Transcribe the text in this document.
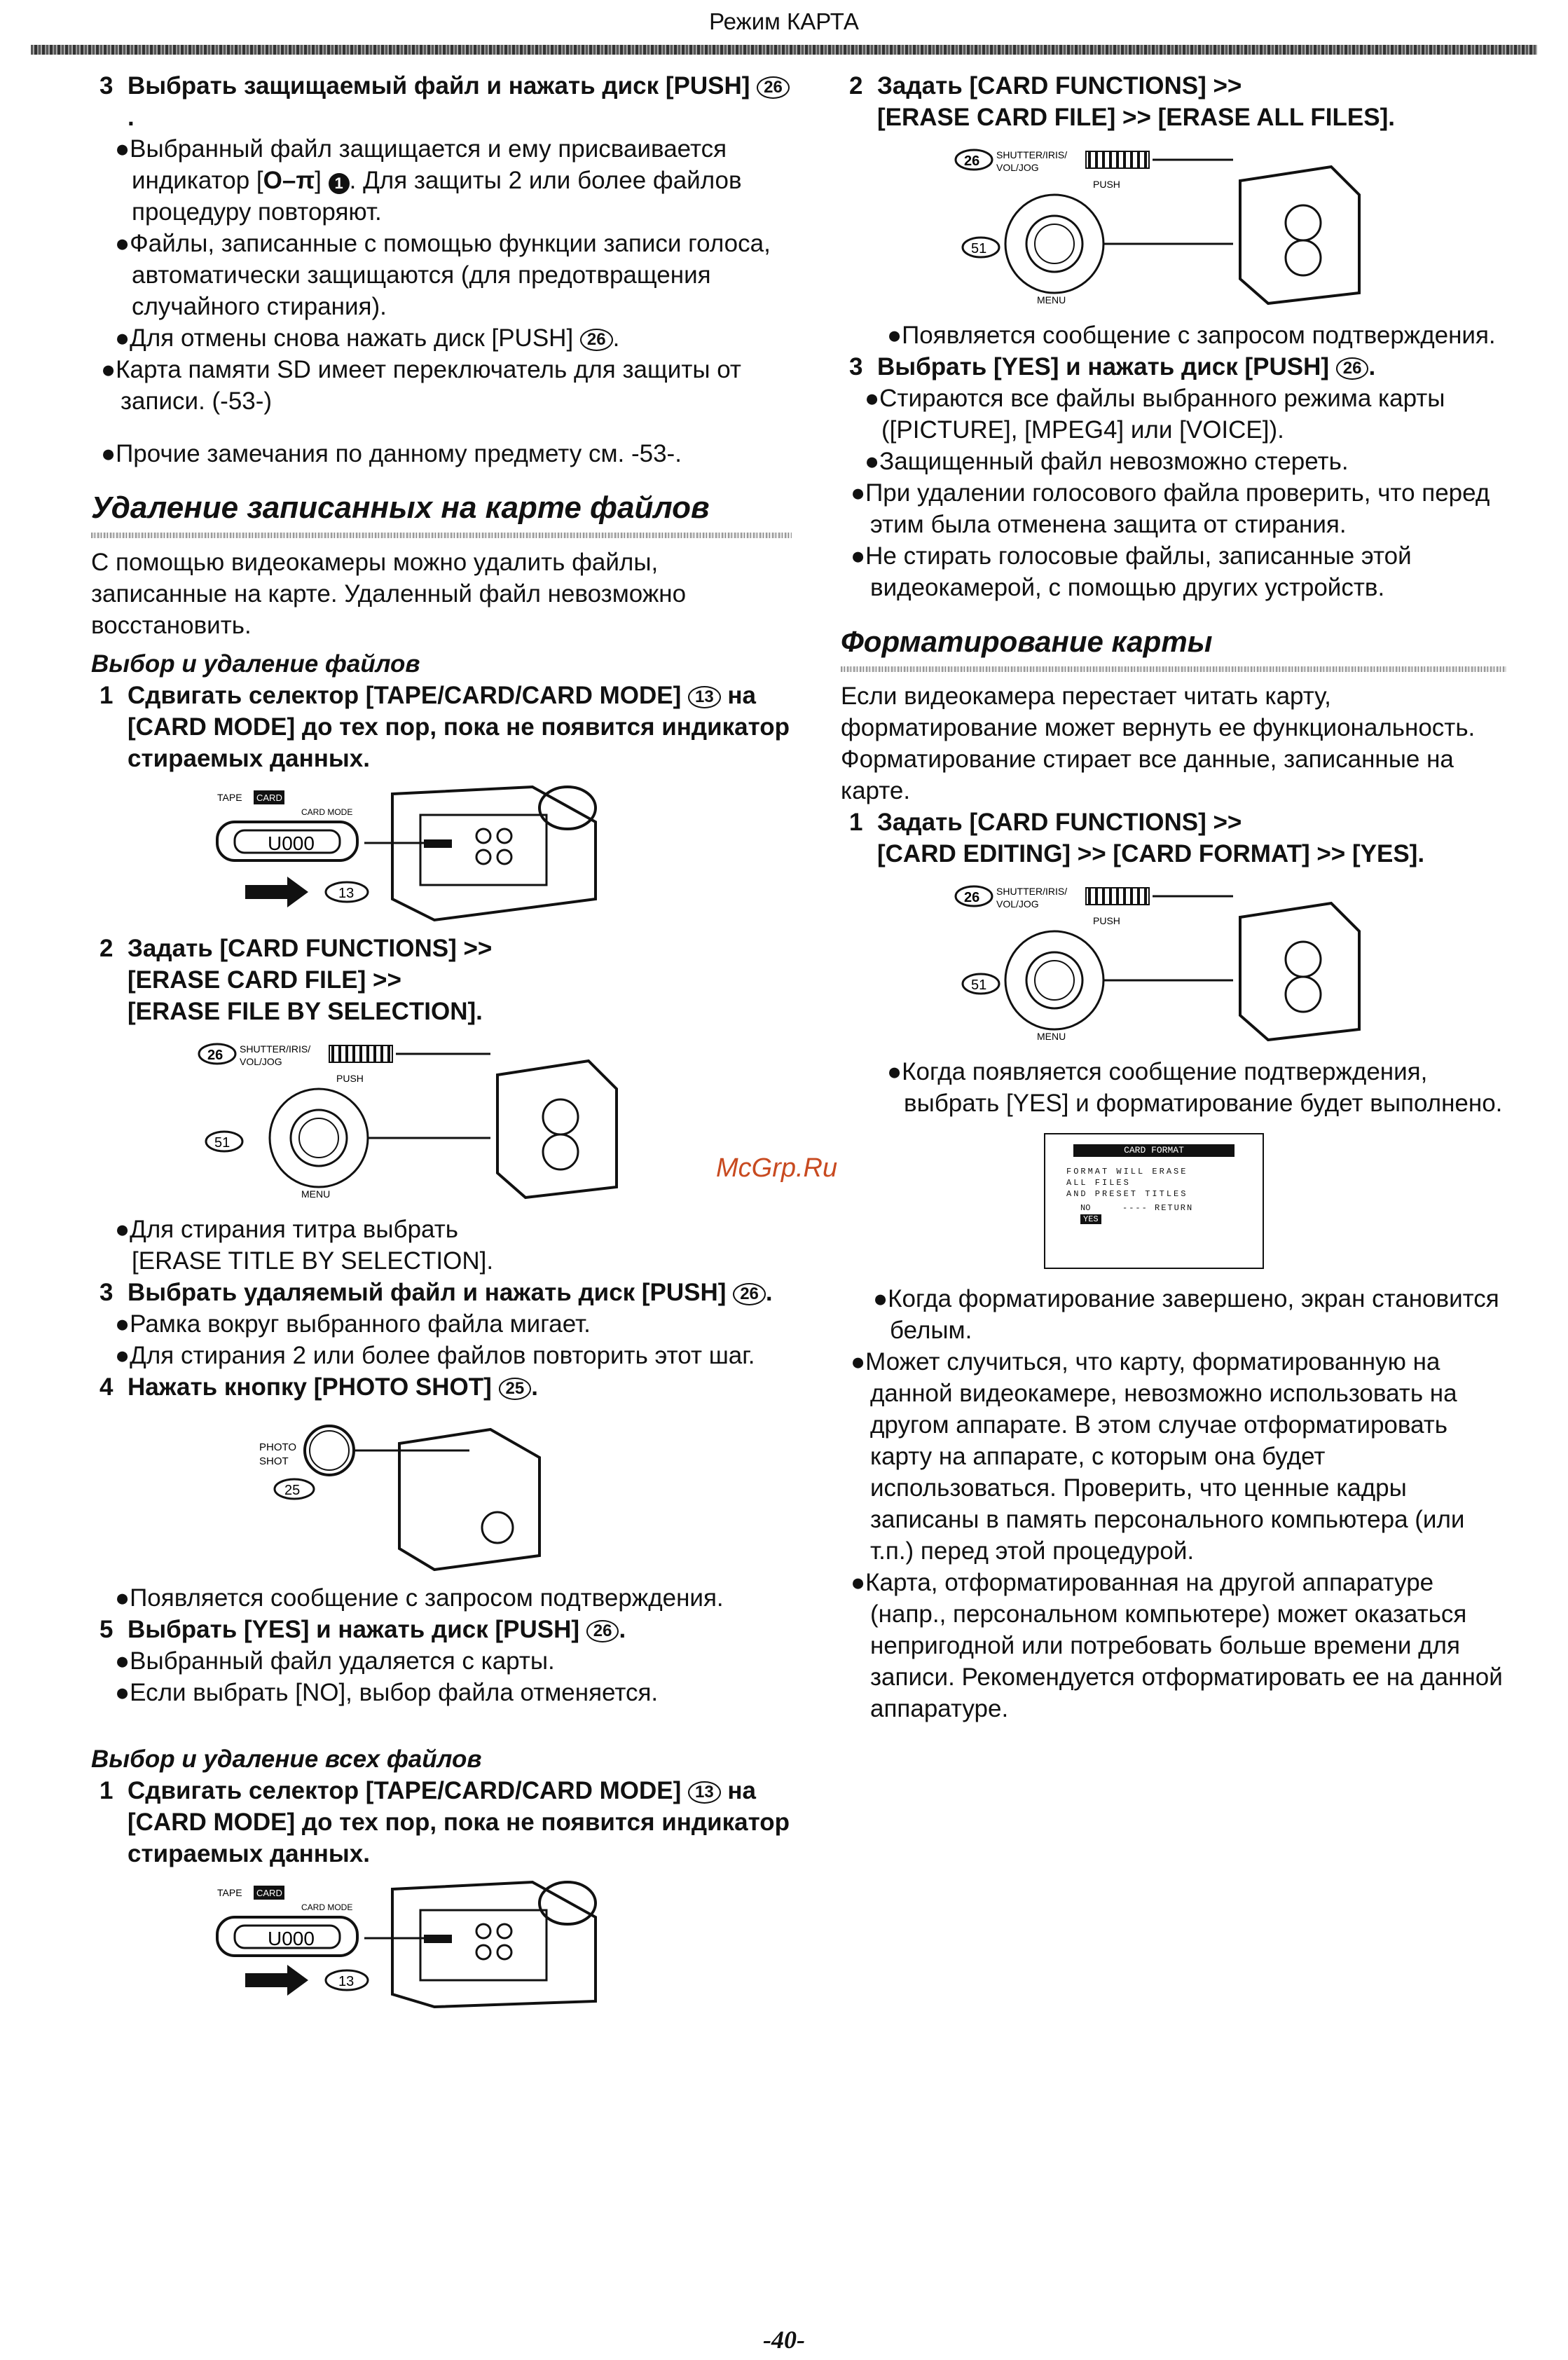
Режим КАРТА

3 Выбрать защищаемый файл и нажать диск [PUSH] 26.

●Выбранный файл защищается и ему присваивается индикатор [O–π] 1 . Для защиты 2 или более файлов процедуру повторяют.

●Файлы, записанные с помощью функции записи голоса, автоматически защищаются (для предотвращения случайного стирания).

●Для отмены снова нажать диск [PUSH] 26 .

●Карта памяти SD имеет переключатель для защиты от записи. (-53-)

●Прочие замечания по данному предмету см. -53-.

Удаление записанных на карте файлов

С помощью видеокамеры можно удалить файлы, записанные на карте. Удаленный файл невозможно восстановить.

Выбор и удаление файлов

1 Сдвигать селектор [TAPE/CARD/CARD MODE] 13 на [CARD MODE] до тех пор, пока не появится индикатор стираемых данных.

TAPE CARD
CARD MODE
U000
13

2 Задать [CARD FUNCTIONS] >>
[ERASE CARD FILE] >>
[ERASE FILE BY SELECTION].

26 SHUTTER/IRIS/
VOL/JOG
PUSH
MENU
51

●Для стирания титра выбрать
[ERASE TITLE BY SELECTION].

3 Выбрать удаляемый файл и нажать диск [PUSH] 26 .

●Рамка вокруг выбранного файла мигает.

●Для стирания 2 или более файлов повторить этот шаг.

4 Нажать кнопку [PHOTO SHOT] 25 .

PHOTO
SHOT
25

●Появляется сообщение с запросом подтверждения.

5 Выбрать [YES] и нажать диск [PUSH] 26 .

●Выбранный файл удаляется с карты.

●Если выбрать [NO], выбор файла отменяется.

Выбор и удаление всех файлов

1 Сдвигать селектор [TAPE/CARD/CARD MODE] 13 на [CARD MODE] до тех пор, пока не появится индикатор стираемых данных.

TAPE CARD
CARD MODE
U000
13

2 Задать [CARD FUNCTIONS] >>
[ERASE CARD FILE] >> [ERASE ALL FILES].

26 SHUTTER/IRIS/
VOL/JOG
PUSH
MENU
51

●Появляется сообщение с запросом подтверждения.

3 Выбрать [YES] и нажать диск [PUSH] 26 .

●Стираются все файлы выбранного режима карты ([PICTURE], [MPEG4] или [VOICE]).

●Защищенный файл невозможно стереть.

●При удалении голосового файла проверить, что перед этим была отменена защита от стирания.

●Не стирать голосовые файлы, записанные этой видеокамерой, с помощью других устройств.

Форматирование карты

Если видеокамера перестает читать карту, форматирование может вернуть ее функциональность. Форматирование стирает все данные, записанные на карте.

1 Задать [CARD FUNCTIONS] >>
[CARD EDITING] >> [CARD FORMAT] >> [YES].

26 SHUTTER/IRIS/
VOL/JOG
PUSH
MENU
51

●Когда появляется сообщение подтверждения, выбрать [YES] и форматирование будет выполнено.

CARD FORMAT
FORMAT WILL ERASE
ALL FILES
AND PRESET TITLES
NO	---- RETURN
YES

●Когда форматирование завершено, экран становится белым.

●Может случиться, что карту, форматированную на данной видеокамере, невозможно использовать на другом аппарате. В этом случае отформатировать карту на аппарате, с которым она будет использоваться. Проверить, что ценные кадры записаны в память персонального компьютера (или т.п.) перед этой процедурой.

●Карта, отформатированная на другой аппаратуре (напр., персональном компьютере) может оказаться непригодной или потребовать больше времени для записи. Рекомендуется отформатировать ее на данной аппаратуре.

McGrp.Ru
-40-
